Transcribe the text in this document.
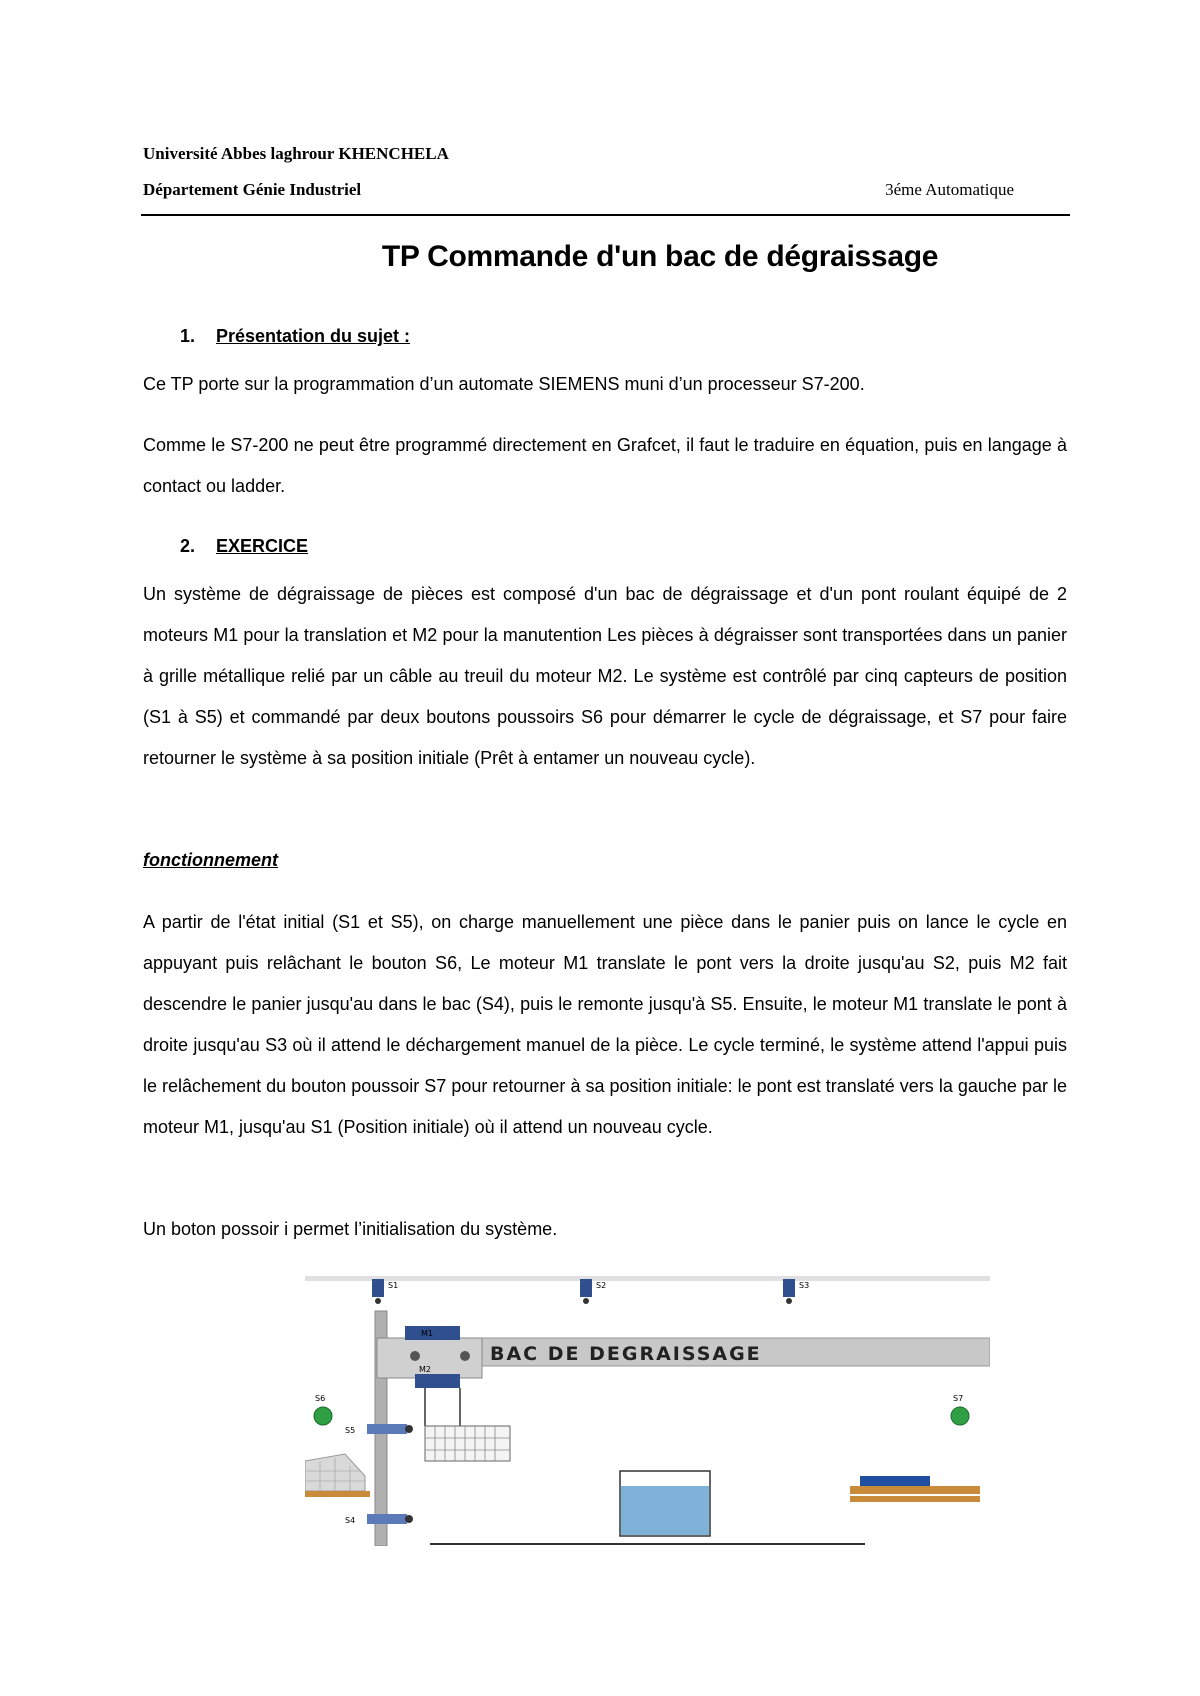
Université Abbes laghrour KHENCHELA
Département Génie Industriel	3éme Automatique
TP Commande d'un bac de dégraissage
1. Présentation du sujet :
Ce TP porte sur la programmation d’un automate SIEMENS muni d’un processeur S7-200.
Comme le S7-200 ne peut être programmé directement en Grafcet, il faut le traduire en équation, puis en langage à contact ou ladder.
2. EXERCICE
Un système de dégraissage de pièces est composé d'un bac de dégraissage et d'un pont roulant équipé de 2 moteurs M1 pour la translation et M2 pour la manutention Les pièces à dégraisser sont transportées dans un panier à grille métallique relié par un câble au treuil du moteur M2. Le système est contrôlé par cinq capteurs de position (S1 à S5) et commandé par deux boutons poussoirs S6 pour démarrer le cycle de dégraissage, et S7 pour faire retourner le système à sa position initiale (Prêt à entamer un nouveau cycle).
fonctionnement
A partir de l'état initial (S1 et S5), on charge manuellement une pièce dans le panier puis on lance le cycle en appuyant puis relâchant le bouton S6, Le moteur M1 translate le pont vers la droite jusqu'au S2, puis M2 fait descendre le panier jusqu'au dans le bac (S4), puis le remonte jusqu'à S5. Ensuite, le moteur M1 translate le pont à droite jusqu'au S3 où il attend le déchargement manuel de la pièce. Le cycle terminé, le système attend l'appui puis le relâchement du bouton poussoir S7 pour retourner à sa position initiale: le pont est translaté vers la gauche par le moteur M1, jusqu'au S1 (Position initiale) où il attend un nouveau cycle.
Un boton possoir i permet l’initialisation du système.
BAC DE DEGRAISSAGE
M1
M2
S1	S2	S3
S5
S4
S6	S7
